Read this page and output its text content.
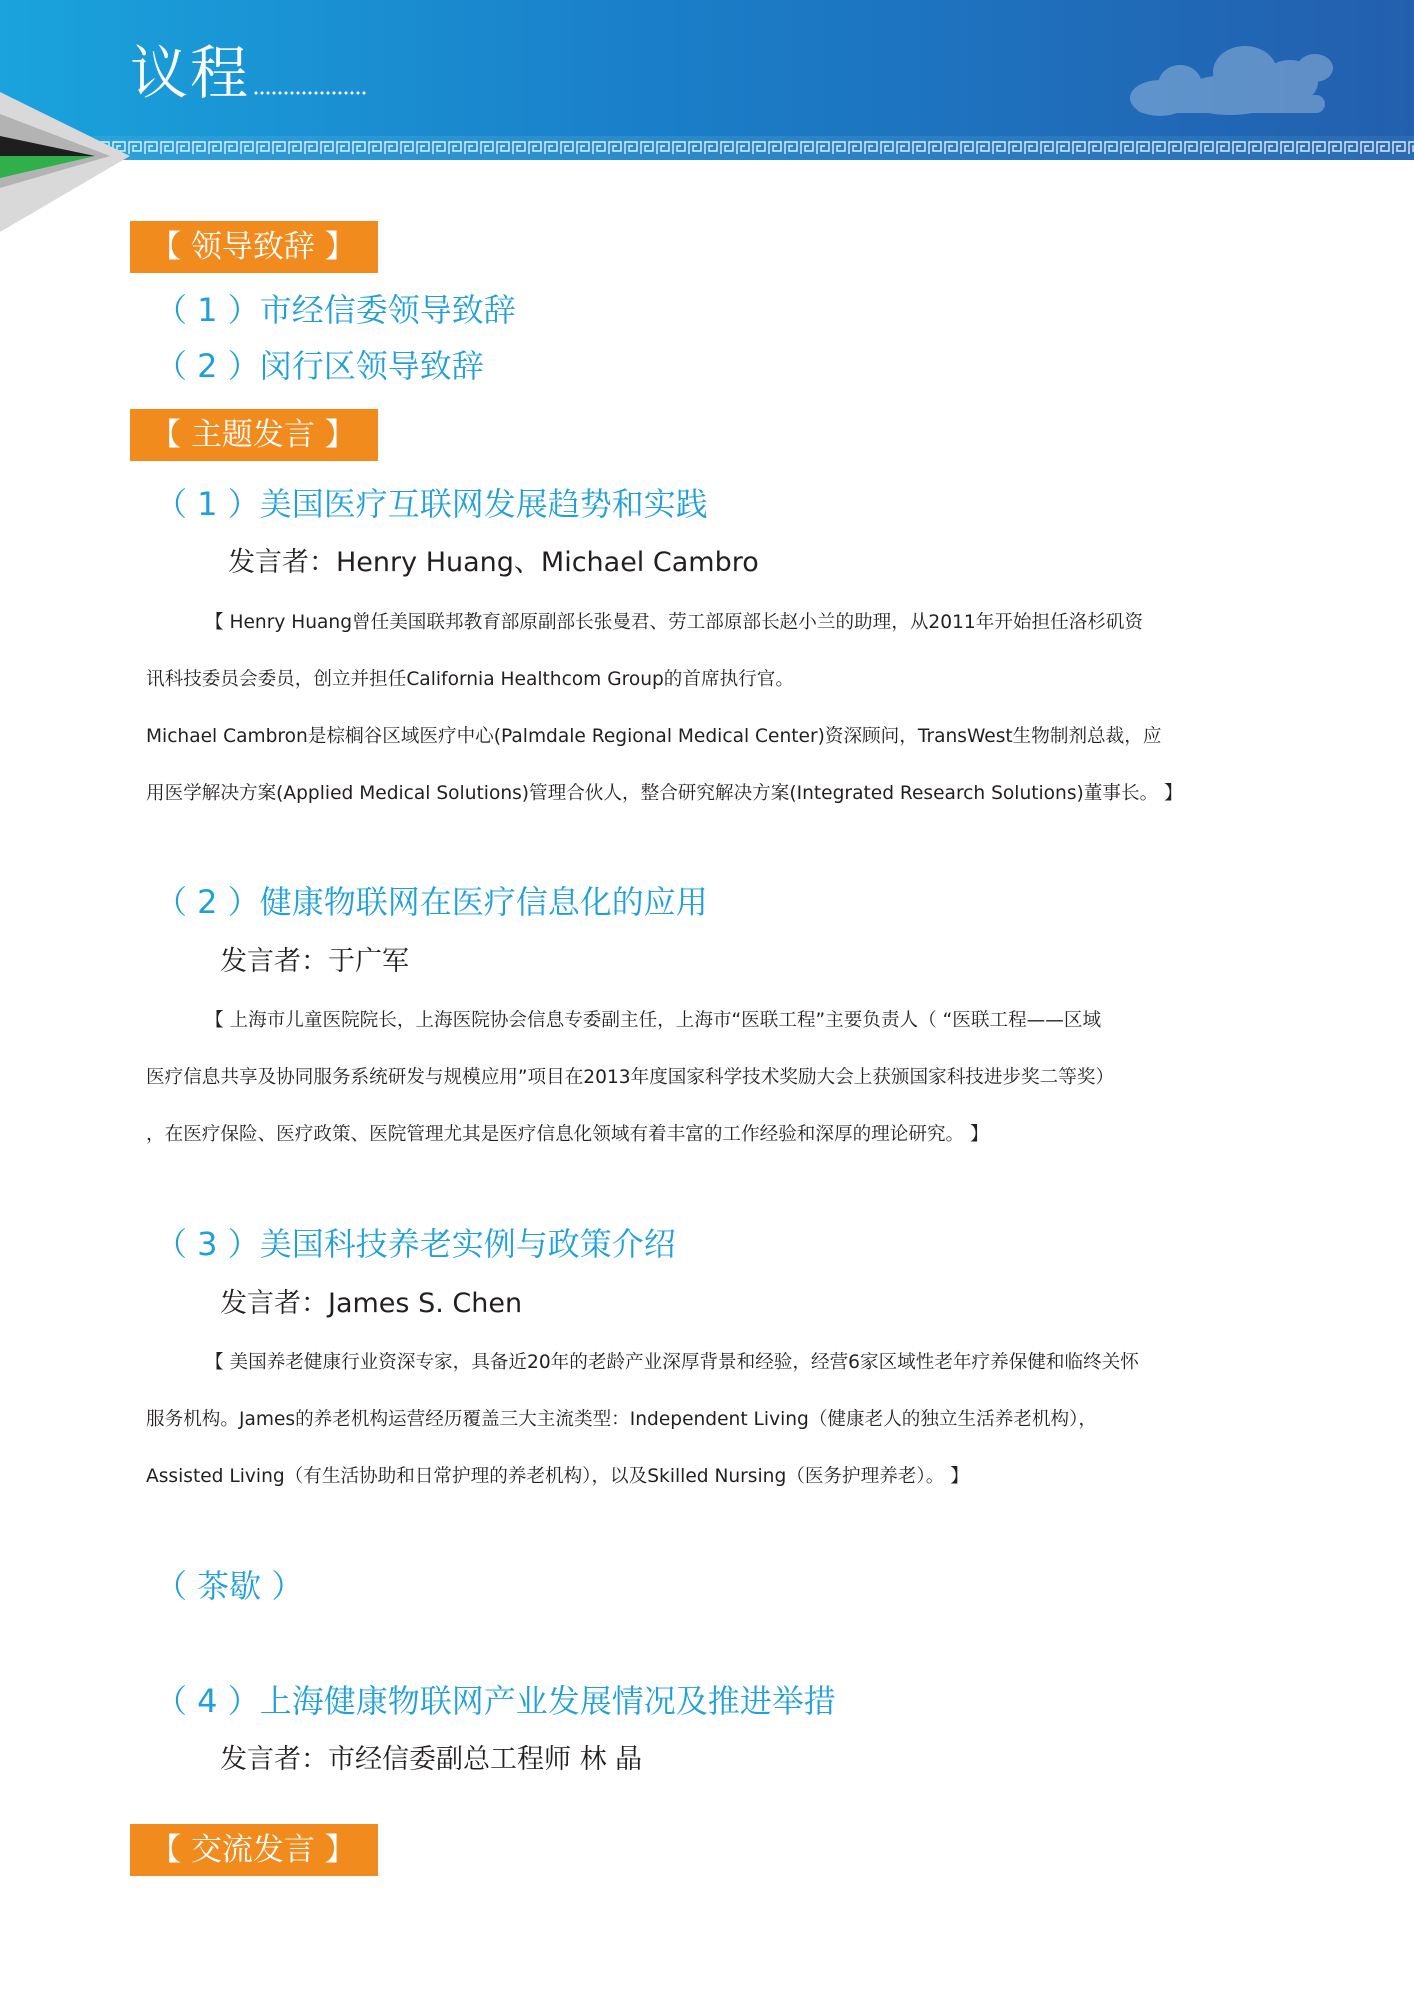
议程
【 领导致辞 】
（ 1 ）市经信委领导致辞
（ 2 ）闵行区领导致辞
【 主题发言 】
（ 1 ）美国医疗互联网发展趋势和实践
发言者：Henry Huang、Michael Cambro
【 Henry Huang曾任美国联邦教育部原副部长张曼君、劳工部原部长赵小兰的助理，从2011年开始担任洛杉矶资
讯科技委员会委员，创立并担任California Healthcom Group的首席执行官。
Michael Cambron是棕榈谷区域医疗中心(Palmdale Regional Medical Center)资深顾问，TransWest生物制剂总裁，应
用医学解决方案(Applied Medical Solutions)管理合伙人，整合研究解决方案(Integrated Research Solutions)董事长。 】
（ 2 ）健康物联网在医疗信息化的应用
发言者：于广军
【 上海市儿童医院院长，上海医院协会信息专委副主任，上海市“医联工程”主要负责人（ “医联工程——区域
医疗信息共享及协同服务系统研发与规模应用”项目在2013年度国家科学技术奖励大会上获颁国家科技进步奖二等奖）
，在医疗保险、医疗政策、医院管理尤其是医疗信息化领域有着丰富的工作经验和深厚的理论研究。 】
（ 3 ）美国科技养老实例与政策介绍
发言者：James S. Chen
【 美国养老健康行业资深专家，具备近20年的老龄产业深厚背景和经验，经营6家区域性老年疗养保健和临终关怀
服务机构。James的养老机构运营经历覆盖三大主流类型：Independent Living（健康老人的独立生活养老机构），
Assisted Living（有生活协助和日常护理的养老机构），以及Skilled Nursing（医务护理养老）。 】
（ 茶歇 ）
（ 4 ）上海健康物联网产业发展情况及推进举措
发言者：市经信委副总工程师 林 晶
【 交流发言 】
